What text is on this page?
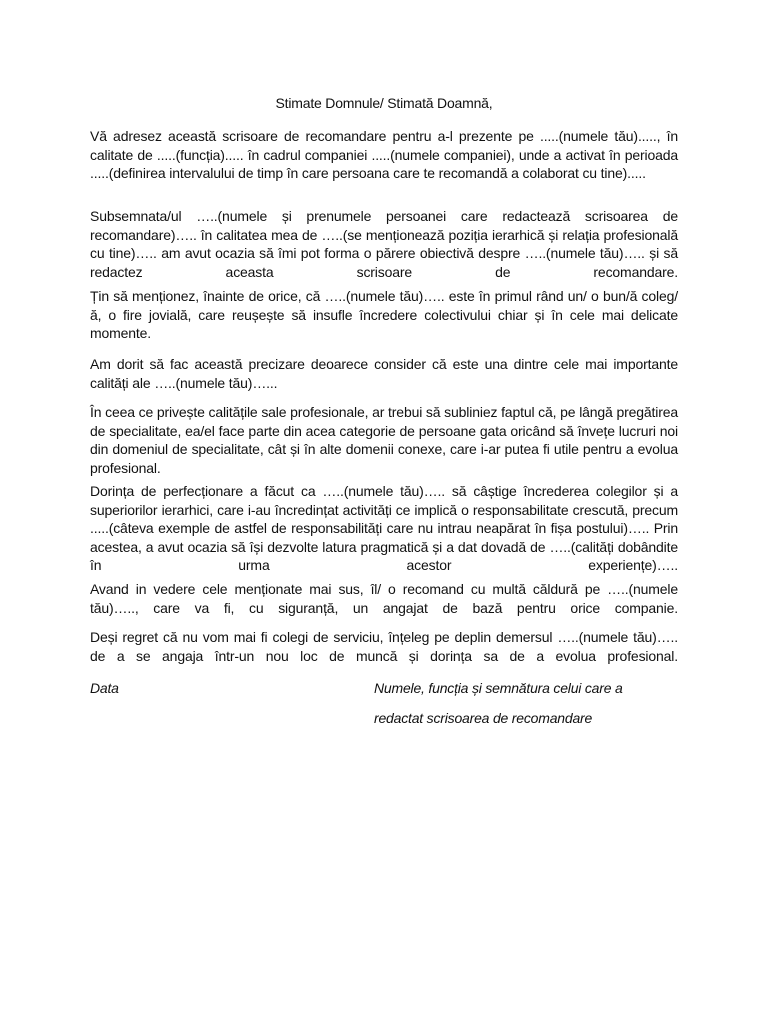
Stimate Domnule/ Stimată Doamnă,

Vă adresez această scrisoare de recomandare pentru a-l prezente pe .....(numele tău)....., în calitate de .....(funcția)..... în cadrul companiei .....(numele companiei), unde a activat în perioada .....(definirea intervalului de timp în care persoana care te recomandă a colaborat cu tine).....

Subsemnata/ul …..(numele și prenumele persoanei care redactează scrisoarea de recomandare)….. în calitatea mea de …..(se menționează poziția ierarhică și relația profesională cu tine)….. am avut ocazia să îmi pot forma o părere obiectivă despre …..(numele tău)….. și să redactez aceasta scrisoare de recomandare.

Țin să menționez, înainte de orice, că …..(numele tău)….. este în primul rând un/ o bun/ă coleg/ă, o fire jovială, care reușește să insufle încredere colectivului chiar și în cele mai delicate momente.

Am dorit să fac această precizare deoarece consider că este una dintre cele mai importante calități ale …..(numele tău)…...

În ceea ce privește calitățile sale profesionale, ar trebui să subliniez faptul că, pe lângă pregătirea de specialitate, ea/el face parte din acea categorie de persoane gata oricând să învețe lucruri noi din domeniul de specialitate, cât și în alte domenii conexe, care i-ar putea fi utile pentru a evolua profesional.

Dorința de perfecționare a făcut ca …..(numele tău)….. să câștige încrederea colegilor și a superiorilor ierarhici, care i-au încredințat activități ce implică o responsabilitate crescută, precum .....(câteva exemple de astfel de responsabilități care nu intrau neapărat în fișa postului)….. Prin acestea, a avut ocazia să își dezvolte latura pragmatică și a dat dovadă de …..(calități dobândite în urma acestor experiențe)…..

Avand in vedere cele menționate mai sus, îl/ o recomand cu multă căldură pe …..(numele tău)….., care va fi, cu siguranță, un angajat de bază pentru orice companie.

Deși regret că nu vom mai fi colegi de serviciu, înțeleg pe deplin demersul …..(numele tău)….. de a se angaja într-un nou loc de muncă și dorința sa de a evolua profesional.

Data	Numele, funcția și semnătura celui care a
redactat scrisoarea de recomandare
